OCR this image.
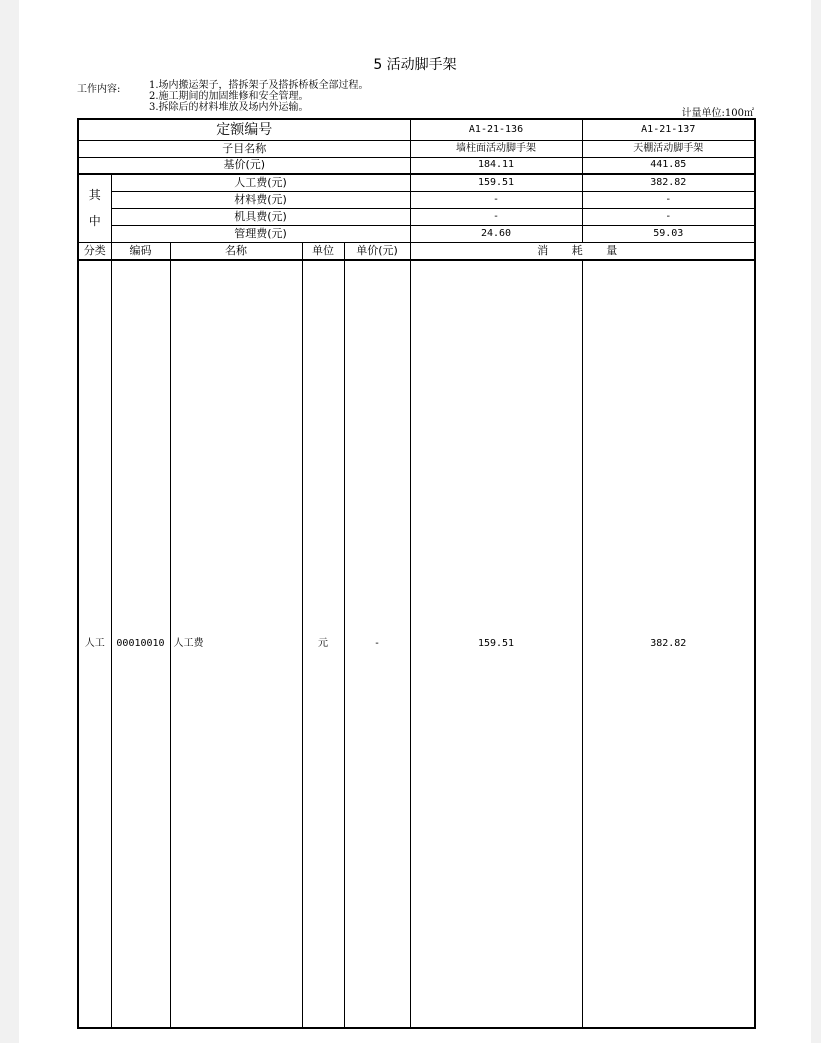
5 活动脚手架
工作内容:	1.场内搬运架子，搭拆架子及搭拆桥板全部过程。
2.施工期间的加固维修和安全管理。
3.拆除后的材料堆放及场内外运输。
计量单位:100㎡
定额编号					A1-21-136	A1-21-137
子目名称					墙柱面活动脚手架	天棚活动脚手架
基价(元)					184.11	441.85

其
中	人工费(元)				159.51	382.82
	材料费(元)				-	-
	机具费(元)				-	-
	管理费(元)				24.60	59.03
分类	编码	名称	单位	单价(元)	消 耗 量	
人工	00010010	人工费	元	-	159.51	382.82
